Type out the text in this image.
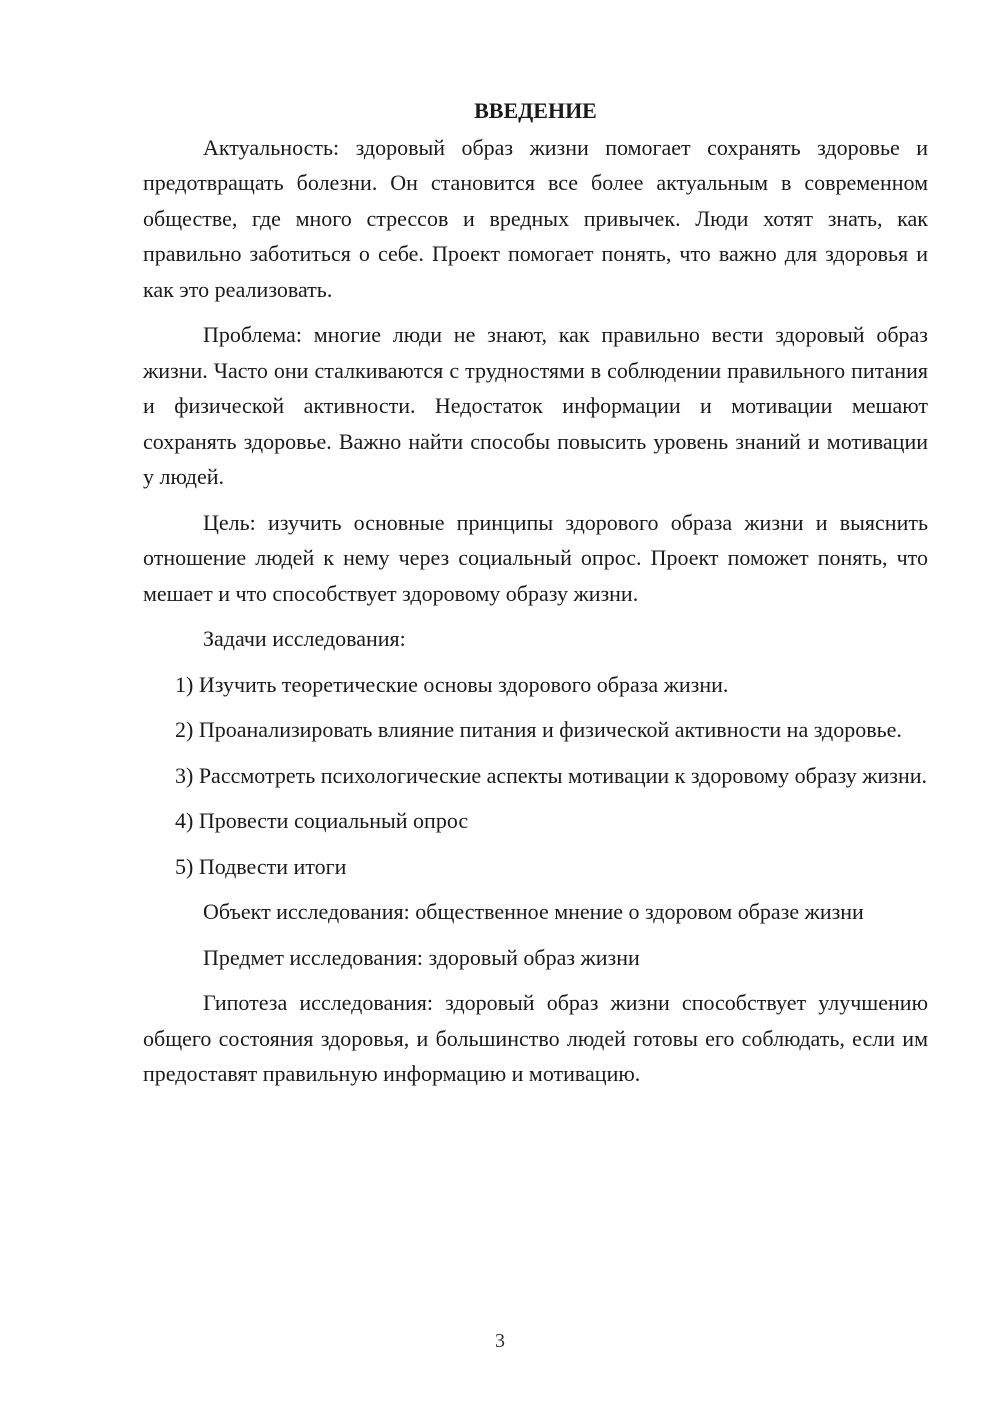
ВВЕДЕНИЕ

Актуальность: здоровый образ жизни помогает сохранять здоровье и предотвращать болезни. Он становится все более актуальным в современном обществе, где много стрессов и вредных привычек. Люди хотят знать, как правильно заботиться о себе. Проект помогает понять, что важно для здоровья и как это реализовать.

Проблема: многие люди не знают, как правильно вести здоровый образ жизни. Часто они сталкиваются с трудностями в соблюдении правильного питания и физической активности. Недостаток информации и мотивации мешают сохранять здоровье. Важно найти способы повысить уровень знаний и мотивации у людей.

Цель: изучить основные принципы здорового образа жизни и выяснить отношение людей к нему через социальный опрос. Проект поможет понять, что мешает и что способствует здоровому образу жизни.

Задачи исследования:

1) Изучить теоретические основы здорового образа жизни.

2) Проанализировать влияние питания и физической активности на здоровье.

3) Рассмотреть психологические аспекты мотивации к здоровому образу жизни.

4) Провести социальный опрос

5) Подвести итоги

Объект исследования: общественное мнение о здоровом образе жизни

Предмет исследования: здоровый образ жизни

Гипотеза исследования: здоровый образ жизни способствует улучшению общего состояния здоровья, и большинство людей готовы его соблюдать, если им предоставят правильную информацию и мотивацию.

3
